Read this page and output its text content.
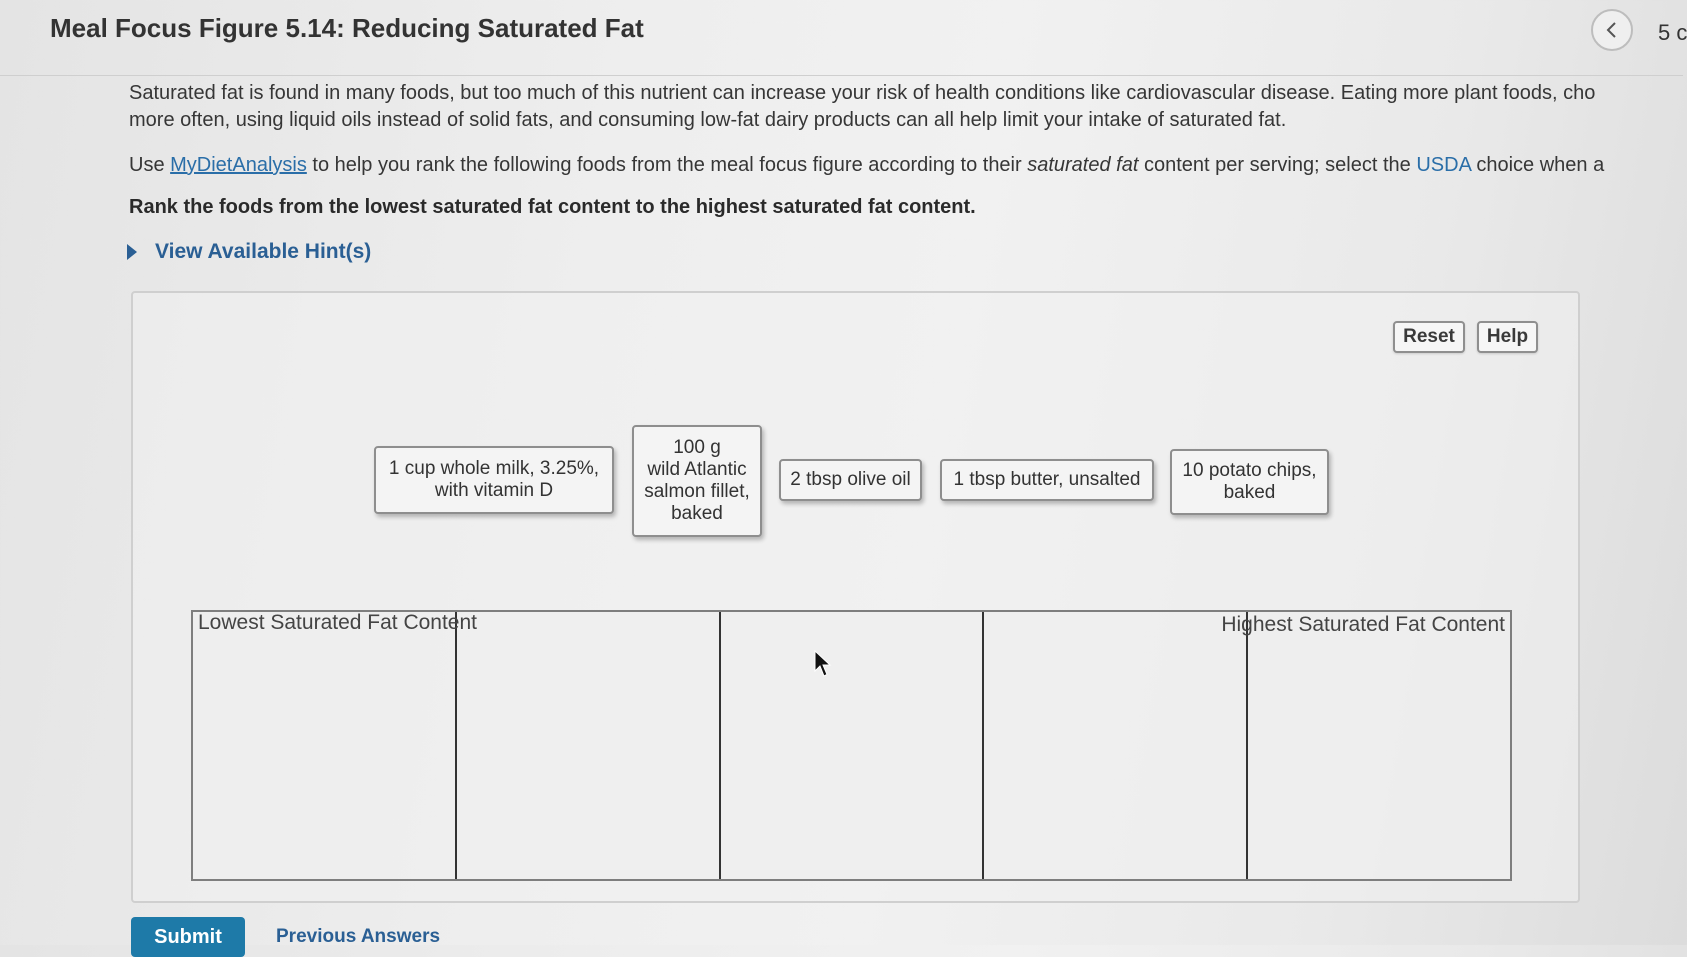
Meal Focus Figure 5.14: Reducing Saturated Fat	5 c

Saturated fat is found in many foods, but too much of this nutrient can increase your risk of health conditions like cardiovascular disease. Eating more plant foods, cho
more often, using liquid oils instead of solid fats, and consuming low-fat dairy products can all help limit your intake of saturated fat.

Use MyDietAnalysis to help you rank the following foods from the meal focus figure according to their saturated fat content per serving; select the USDA choice when a

Rank the foods from the lowest saturated fat content to the highest saturated fat content.

View Available Hint(s)
Reset	Help
1 cup whole milk, 3.25%,
with vitamin D
100 g
wild Atlantic
salmon fillet,
baked
2 tbsp olive oil	1 tbsp butter, unsalted	10 potato chips,
baked
Lowest Saturated Fat Content	Highest Saturated Fat Content
Submit	Previous Answers
